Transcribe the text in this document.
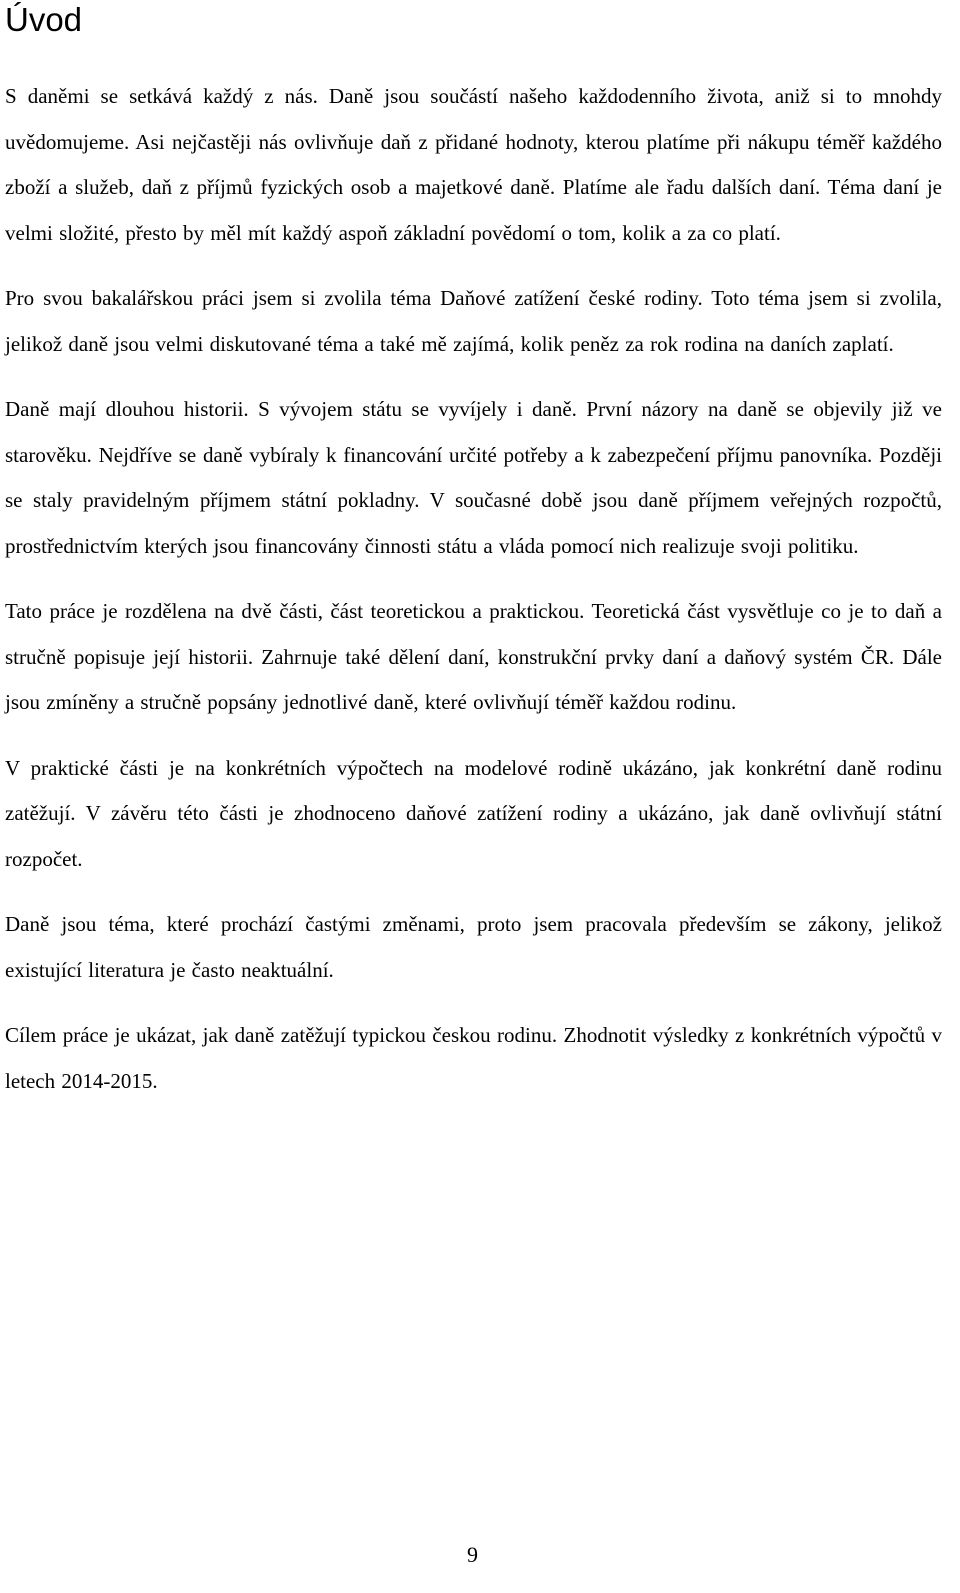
Úvod

S daněmi se setkává každý z nás. Daně jsou součástí našeho každodenního života, aniž si to mnohdy uvědomujeme. Asi nejčastěji nás ovlivňuje daň z přidané hodnoty, kterou platíme při nákupu téměř každého zboží a služeb, daň z příjmů fyzických osob a majetkové daně. Platíme ale řadu dalších daní. Téma daní je velmi složité, přesto by měl mít každý aspoň základní povědomí o tom, kolik a za co platí.

Pro svou bakalářskou práci jsem si zvolila téma Daňové zatížení české rodiny. Toto téma jsem si zvolila, jelikož daně jsou velmi diskutované téma a také mě zajímá, kolik peněz za rok rodina na daních zaplatí.

Daně mají dlouhou historii. S vývojem státu se vyvíjely i daně. První názory na daně se objevily již ve starověku. Nejdříve se daně vybíraly k financování určité potřeby a k zabezpečení příjmu panovníka. Později se staly pravidelným příjmem státní pokladny. V současné době jsou daně příjmem veřejných rozpočtů, prostřednictvím kterých jsou financovány činnosti státu a vláda pomocí nich realizuje svoji politiku.

Tato práce je rozdělena na dvě části, část teoretickou a praktickou. Teoretická část vysvětluje co je to daň a stručně popisuje její historii. Zahrnuje také dělení daní, konstrukční prvky daní a daňový systém ČR. Dále jsou zmíněny a stručně popsány jednotlivé daně, které ovlivňují téměř každou rodinu.

V praktické části je na konkrétních výpočtech na modelové rodině ukázáno, jak konkrétní daně rodinu zatěžují. V závěru této části je zhodnoceno daňové zatížení rodiny a ukázáno, jak daně ovlivňují státní rozpočet.

Daně jsou téma, které prochází častými změnami, proto jsem pracovala především se zákony, jelikož existující literatura je často neaktuální.

Cílem práce je ukázat, jak daně zatěžují typickou českou rodinu. Zhodnotit výsledky z konkrétních výpočtů v letech 2014-2015.

9
